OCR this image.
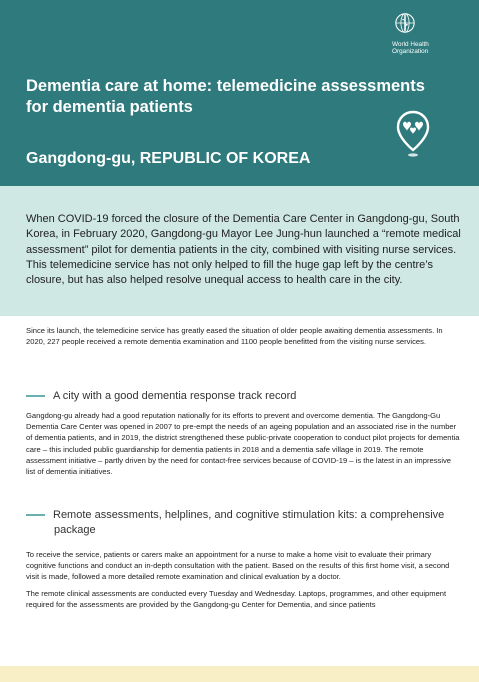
World Health
Organization
Dementia care at home: telemedicine assessments for dementia patients
Gangdong-gu, REPUBLIC OF KOREA

When COVID-19 forced the closure of the Dementia Care Center in Gangdong-gu, South Korea, in February 2020, Gangdong-gu Mayor Lee Jung-hun launched a “remote medical assessment” pilot for dementia patients in the city, combined with visiting nurse services. This telemedicine service has not only helped to fill the huge gap left by the centre’s closure, but has also helped resolve unequal access to health care in the city.

Since its launch, the telemedicine service has greatly eased the situation of older people awaiting dementia assessments. In 2020, 227 people received a remote dementia examination and 1100 people benefitted from the visiting nurse services.

A city with a good dementia response track record

Gangdong-gu already had a good reputation nationally for its efforts to prevent and overcome dementia. The Gangdong-Gu Dementia Care Center was opened in 2007 to pre-empt the needs of an ageing population and an associated rise in the number of dementia patients, and in 2019, the district strengthened these public-private cooperation to conduct pilot projects for dementia care – this included public guardianship for dementia patients in 2018 and a dementia safe village in 2019. The remote assessment initiative – partly driven by the need for contact-free services because of COVID-19 – is the latest in an impressive list of dementia initiatives.

Remote assessments, helplines, and cognitive stimulation kits: a comprehensive
package

To receive the service, patients or carers make an appointment for a nurse to make a home visit to evaluate their primary cognitive functions and conduct an in-depth consultation with the patient. Based on the results of this first home visit, a second visit is made, followed a more detailed remote examination and clinical evaluation by a doctor.

The remote clinical assessments are conducted every Tuesday and Wednesday. Laptops, programmes, and other equipment required for the assessments are provided by the Gangdong-gu Center for Dementia, and since patients
